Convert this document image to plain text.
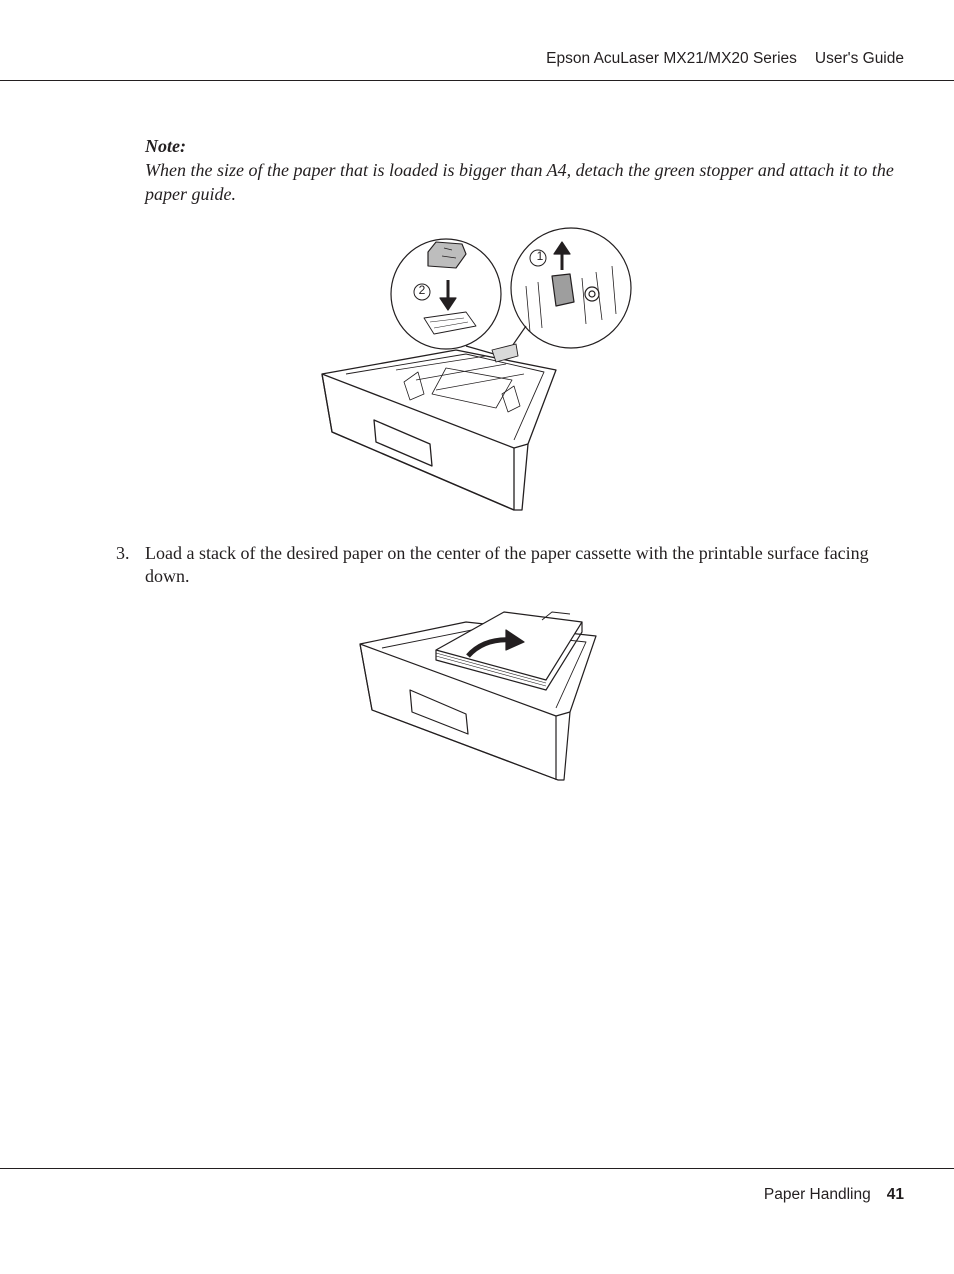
Epson AcuLaser MX21/MX20 Series User's Guide
Note:
When the size of the paper that is loaded is bigger than A4, detach the green stopper and attach it to the paper guide.
1
2
3. Load a stack of the desired paper on the center of the paper cassette with the printable surface facing down.
Paper Handling 41
